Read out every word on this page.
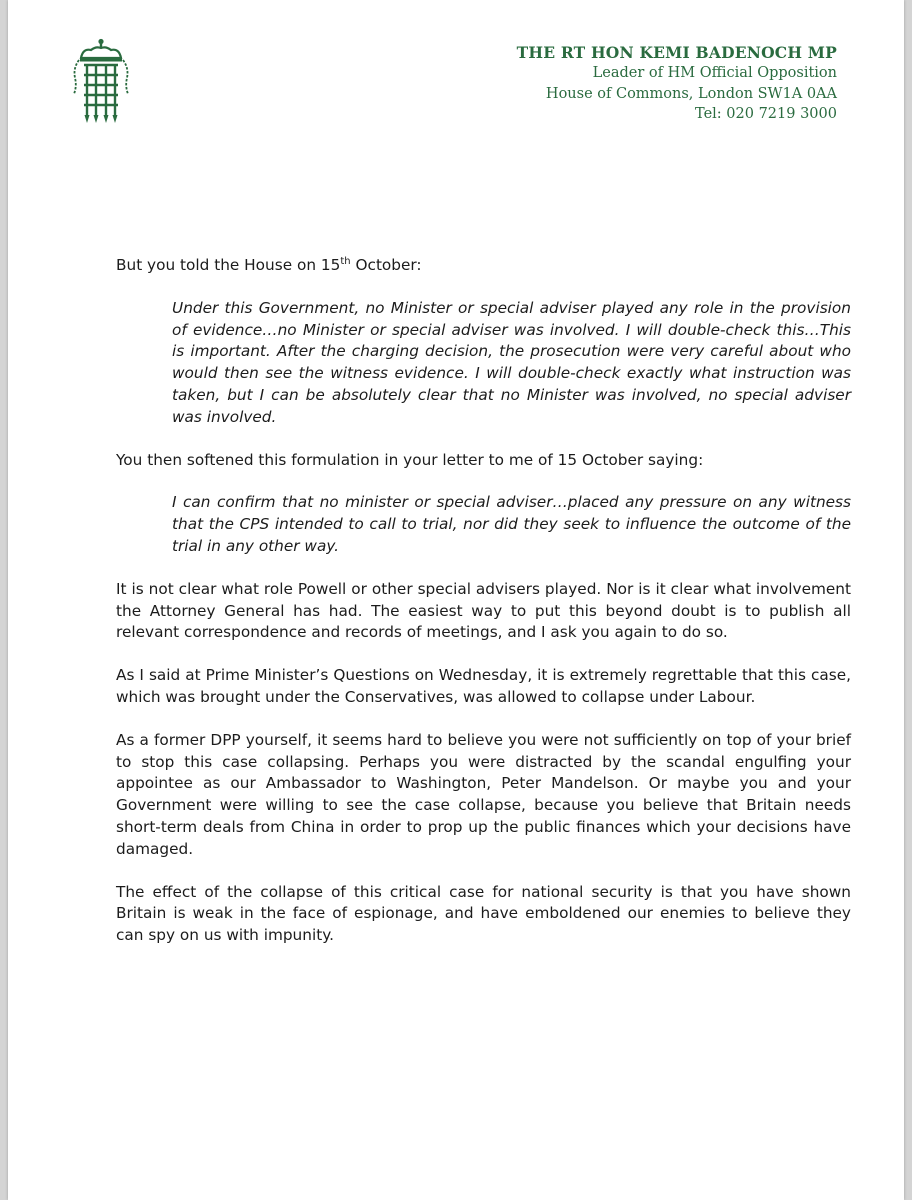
THE RT HON KEMI BADENOCH MP
Leader of HM Official Opposition
House of Commons, London SW1A 0AA
Tel: 020 7219 3000

But you told the House on 15th October:

Under this Government, no Minister or special adviser played any role in the provision of evidence…no Minister or special adviser was involved. I will double-check this…This is important. After the charging decision, the prosecution were very careful about who would then see the witness evidence. I will double-check exactly what instruction was taken, but I can be absolutely clear that no Minister was involved, no special adviser was involved.

You then softened this formulation in your letter to me of 15 October saying:

I can confirm that no minister or special adviser…placed any pressure on any witness that the CPS intended to call to trial, nor did they seek to influence the outcome of the trial in any other way.

It is not clear what role Powell or other special advisers played. Nor is it clear what involvement the Attorney General has had. The easiest way to put this beyond doubt is to publish all relevant correspondence and records of meetings, and I ask you again to do so.

As I said at Prime Minister’s Questions on Wednesday, it is extremely regrettable that this case, which was brought under the Conservatives, was allowed to collapse under Labour.

As a former DPP yourself, it seems hard to believe you were not sufficiently on top of your brief to stop this case collapsing. Perhaps you were distracted by the scandal engulfing your appointee as our Ambassador to Washington, Peter Mandelson. Or maybe you and your Government were willing to see the case collapse, because you believe that Britain needs short-term deals from China in order to prop up the public finances which your decisions have damaged.

The effect of the collapse of this critical case for national security is that you have shown Britain is weak in the face of espionage, and have emboldened our enemies to believe they can spy on us with impunity.
